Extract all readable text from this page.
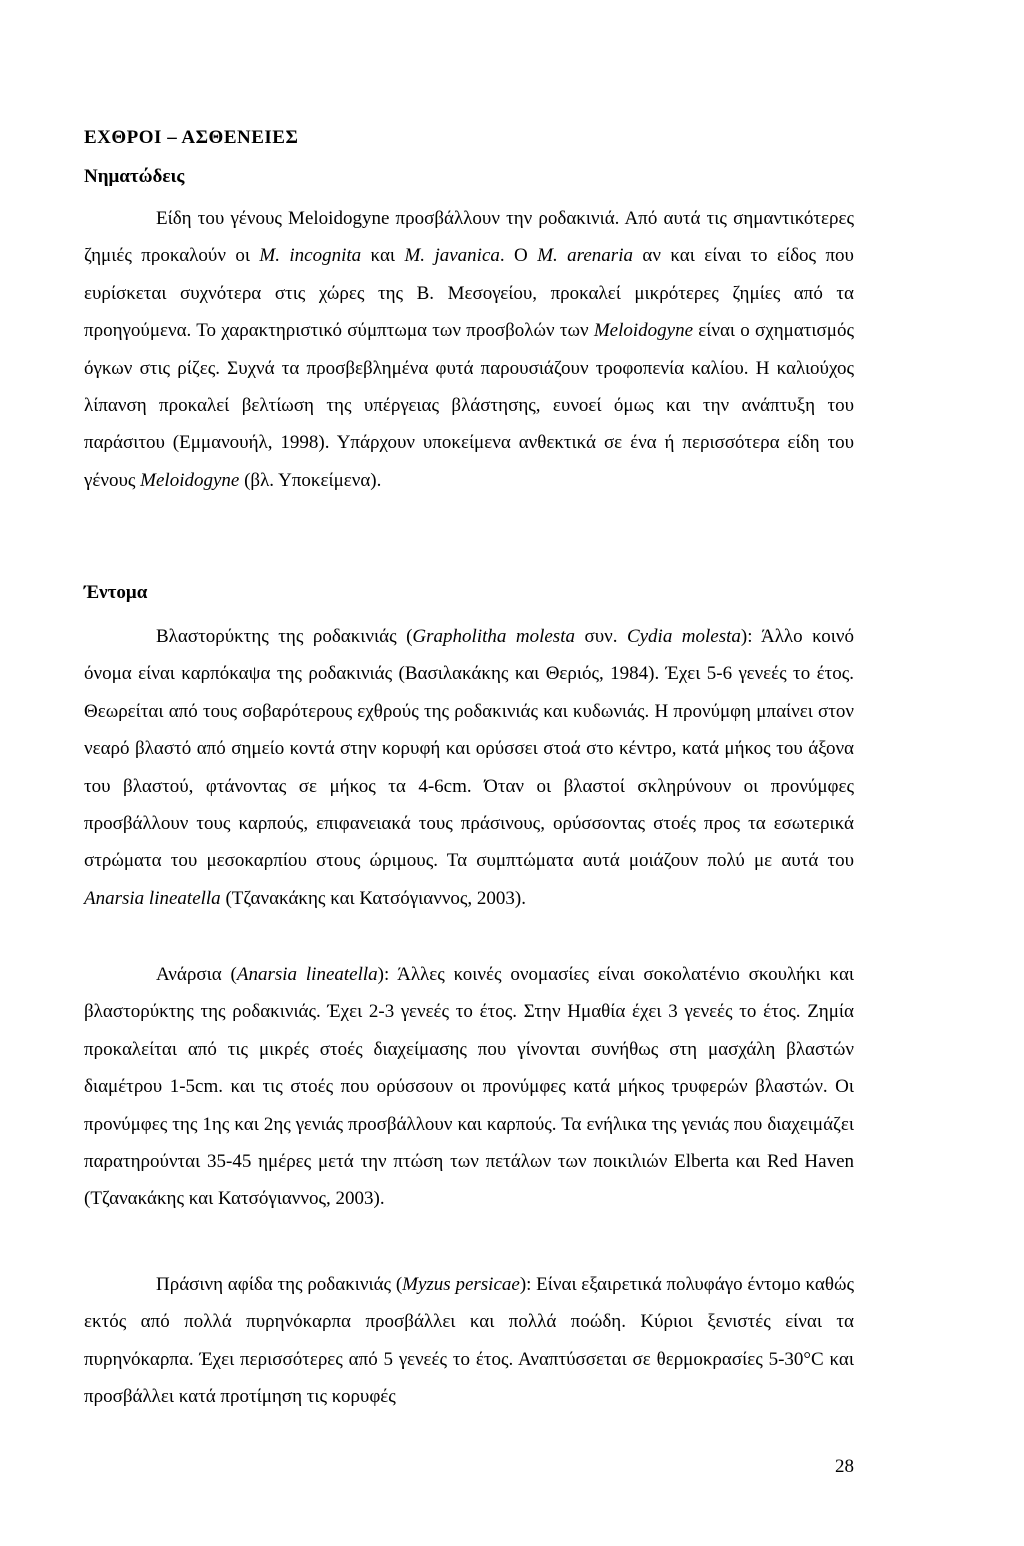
ΕΧΘΡΟΙ – ΑΣΘΕΝΕΙΕΣ
Νηματώδεις

Είδη του γένους Meloidogyne προσβάλλουν την ροδακινιά. Από αυτά τις σημαντικότερες ζημιές προκαλούν οι M. incognita και M. javanica. Ο M. arenaria αν και είναι το είδος που ευρίσκεται συχνότερα στις χώρες της Β. Μεσογείου, προκαλεί μικρότερες ζημίες από τα προηγούμενα. Το χαρακτηριστικό σύμπτωμα των προσβολών των Meloidogyne είναι ο σχηματισμός όγκων στις ρίζες. Συχνά τα προσβεβλημένα φυτά παρουσιάζουν τροφοπενία καλίου. Η καλιούχος λίπανση προκαλεί βελτίωση της υπέργειας βλάστησης, ευνοεί όμως και την ανάπτυξη του παράσιτου (Εμμανουήλ, 1998). Υπάρχουν υποκείμενα ανθεκτικά σε ένα ή περισσότερα είδη του γένους Meloidogyne (βλ. Υποκείμενα).

Έντομα

Βλαστορύκτης της ροδακινιάς (Grapholitha molesta συν. Cydia molesta): Άλλο κοινό όνομα είναι καρπόκαψα της ροδακινιάς (Βασιλακάκης και Θεριός, 1984). Έχει 5-6 γενεές το έτος. Θεωρείται από τους σοβαρότερους εχθρούς της ροδακινιάς και κυδωνιάς. Η προνύμφη μπαίνει στον νεαρό βλαστό από σημείο κοντά στην κορυφή και ορύσσει στοά στο κέντρο, κατά μήκος του άξονα του βλαστού, φτάνοντας σε μήκος τα 4-6cm. Όταν οι βλαστοί σκληρύνουν οι προνύμφες προσβάλλουν τους καρπούς, επιφανειακά τους πράσινους, ορύσσοντας στοές προς τα εσωτερικά στρώματα του μεσοκαρπίου στους ώριμους. Τα συμπτώματα αυτά μοιάζουν πολύ με αυτά του Anarsia lineatella (Τζανακάκης και Κατσόγιαννος, 2003).

Ανάρσια (Anarsia lineatella): Άλλες κοινές ονομασίες είναι σοκολατένιο σκουλήκι και βλαστορύκτης της ροδακινιάς. Έχει 2-3 γενεές το έτος. Στην Ημαθία έχει 3 γενεές το έτος. Ζημία προκαλείται από τις μικρές στοές διαχείμασης που γίνονται συνήθως στη μασχάλη βλαστών διαμέτρου 1-5cm. και τις στοές που ορύσσουν οι προνύμφες κατά μήκος τρυφερών βλαστών. Οι προνύμφες της 1ης και 2ης γενιάς προσβάλλουν και καρπούς. Τα ενήλικα της γενιάς που διαχειμάζει παρατηρούνται 35-45 ημέρες μετά την πτώση των πετάλων των ποικιλιών Elberta και Red Haven (Τζανακάκης και Κατσόγιαννος, 2003).

Πράσινη αφίδα της ροδακινιάς (Myzus persicae): Είναι εξαιρετικά πολυφάγο έντομο καθώς εκτός από πολλά πυρηνόκαρπα προσβάλλει και πολλά ποώδη. Κύριοι ξενιστές είναι τα πυρηνόκαρπα. Έχει περισσότερες από 5 γενεές το έτος. Αναπτύσσεται σε θερμοκρασίες 5-30°C και προσβάλλει κατά προτίμηση τις κορυφές

28
